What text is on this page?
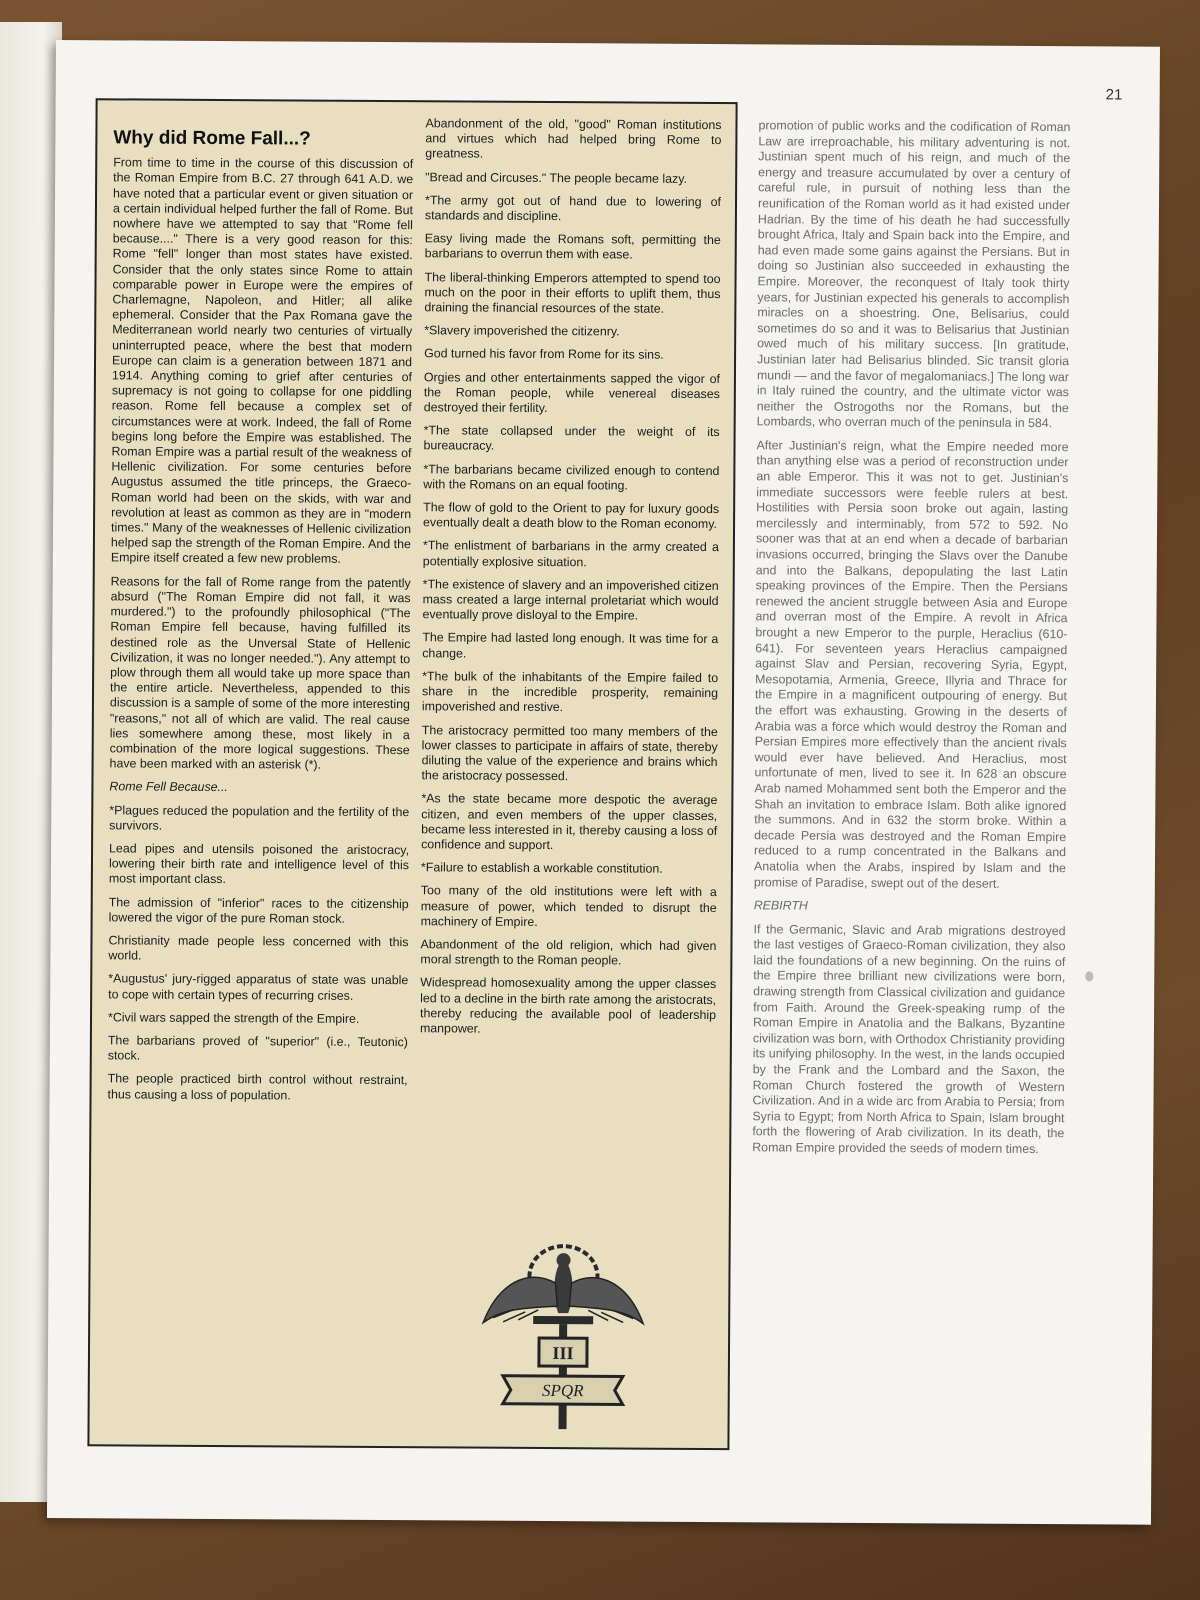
21
Why did Rome Fall...?

From time to time in the course of this discussion of the Roman Empire from B.C. 27 through 641 A.D. we have noted that a particular event or given situation or a certain individual helped further the fall of Rome. But nowhere have we attempted to say that "Rome fell because...." There is a very good reason for this: Rome "fell" longer than most states have existed. Consider that the only states since Rome to attain comparable power in Europe were the empires of Charlemagne, Napoleon, and Hitler; all alike ephemeral. Consider that the Pax Romana gave the Mediterranean world nearly two centuries of virtually uninterrupted peace, where the best that modern Europe can claim is a generation between 1871 and 1914. Anything coming to grief after centuries of supremacy is not going to collapse for one piddling reason. Rome fell because a complex set of circumstances were at work. Indeed, the fall of Rome begins long before the Empire was established. The Roman Empire was a partial result of the weakness of Hellenic civilization. For some centuries before Augustus assumed the title princeps, the Graeco-Roman world had been on the skids, with war and revolution at least as common as they are in "modern times." Many of the weaknesses of Hellenic civilization helped sap the strength of the Roman Empire. And the Empire itself created a few new problems.

Reasons for the fall of Rome range from the patently absurd ("The Roman Empire did not fall, it was murdered.") to the profoundly philosophical ("The Roman Empire fell because, having fulfilled its destined role as the Unversal State of Hellenic Civilization, it was no longer needed."). Any attempt to plow through them all would take up more space than the entire article. Nevertheless, appended to this discussion is a sample of some of the more interesting "reasons," not all of which are valid. The real cause lies somewhere among these, most likely in a combination of the more logical suggestions. These have been marked with an asterisk (*).

Rome Fell Because...

*Plagues reduced the population and the fertility of the survivors.

Lead pipes and utensils poisoned the aristocracy, lowering their birth rate and intelligence level of this most important class.

The admission of "inferior" races to the citizenship lowered the vigor of the pure Roman stock.

Christianity made people less concerned with this world.

*Augustus' jury-rigged apparatus of state was unable to cope with certain types of recurring crises.

*Civil wars sapped the strength of the Empire.

The barbarians proved of "superior" (i.e., Teutonic) stock.

The people practiced birth control without restraint, thus causing a loss of population.

Abandonment of the old, "good" Roman institutions and virtues which had helped bring Rome to greatness.

"Bread and Circuses." The people became lazy.

*The army got out of hand due to lowering of standards and discipline.

Easy living made the Romans soft, permitting the barbarians to overrun them with ease.

The liberal-thinking Emperors attempted to spend too much on the poor in their efforts to uplift them, thus draining the financial resources of the state.

*Slavery impoverished the citizenry.

God turned his favor from Rome for its sins.

Orgies and other entertainments sapped the vigor of the Roman people, while venereal diseases destroyed their fertility.

*The state collapsed under the weight of its bureaucracy.

*The barbarians became civilized enough to contend with the Romans on an equal footing.

The flow of gold to the Orient to pay for luxury goods eventually dealt a death blow to the Roman economy.

*The enlistment of barbarians in the army created a potentially explosive situation.

*The existence of slavery and an impoverished citizen mass created a large internal proletariat which would eventually prove disloyal to the Empire.

The Empire had lasted long enough. It was time for a change.

*The bulk of the inhabitants of the Empire failed to share in the incredible prosperity, remaining impoverished and restive.

The aristocracy permitted too many members of the lower classes to participate in affairs of state, thereby diluting the value of the experience and brains which the aristocracy possessed.

*As the state became more despotic the average citizen, and even members of the upper classes, became less interested in it, thereby causing a loss of confidence and support.

*Failure to establish a workable constitution.

Too many of the old institutions were left with a measure of power, which tended to disrupt the machinery of Empire.

Abandonment of the old religion, which had given moral strength to the Roman people.

Widespread homosexuality among the upper classes led to a decline in the birth rate among the aristocrats, thereby reducing the available pool of leadership manpower.

III
SPQR

promotion of public works and the codification of Roman Law are irreproachable, his military adventuring is not. Justinian spent much of his reign, and much of the energy and treasure accumulated by over a century of careful rule, in pursuit of nothing less than the reunification of the Roman world as it had existed under Hadrian. By the time of his death he had successfully brought Africa, Italy and Spain back into the Empire, and had even made some gains against the Persians. But in doing so Justinian also succeeded in exhausting the Empire. Moreover, the reconquest of Italy took thirty years, for Justinian expected his generals to accomplish miracles on a shoestring. One, Belisarius, could sometimes do so and it was to Belisarius that Justinian owed much of his military success. [In gratitude, Justinian later had Belisarius blinded. Sic transit gloria mundi — and the favor of megalomaniacs.] The long war in Italy ruined the country, and the ultimate victor was neither the Ostrogoths nor the Romans, but the Lombards, who overran much of the peninsula in 584.

After Justinian's reign, what the Empire needed more than anything else was a period of reconstruction under an able Emperor. This it was not to get. Justinian's immediate successors were feeble rulers at best. Hostilities with Persia soon broke out again, lasting mercilessly and interminably, from 572 to 592. No sooner was that at an end when a decade of barbarian invasions occurred, bringing the Slavs over the Danube and into the Balkans, depopulating the last Latin speaking provinces of the Empire. Then the Persians renewed the ancient struggle between Asia and Europe and overran most of the Empire. A revolt in Africa brought a new Emperor to the purple, Heraclius (610-641). For seventeen years Heraclius campaigned against Slav and Persian, recovering Syria, Egypt, Mesopotamia, Armenia, Greece, Illyria and Thrace for the Empire in a magnificent outpouring of energy. But the effort was exhausting. Growing in the deserts of Arabia was a force which would destroy the Roman and Persian Empires more effectively than the ancient rivals would ever have believed. And Heraclius, most unfortunate of men, lived to see it. In 628 an obscure Arab named Mohammed sent both the Emperor and the Shah an invitation to embrace Islam. Both alike ignored the summons. And in 632 the storm broke. Within a decade Persia was destroyed and the Roman Empire reduced to a rump concentrated in the Balkans and Anatolia when the Arabs, inspired by Islam and the promise of Paradise, swept out of the desert.

REBIRTH

If the Germanic, Slavic and Arab migrations destroyed the last vestiges of Graeco-Roman civilization, they also laid the foundations of a new beginning. On the ruins of the Empire three brilliant new civilizations were born, drawing strength from Classical civilization and guidance from Faith. Around the Greek-speaking rump of the Roman Empire in Anatolia and the Balkans, Byzantine civilization was born, with Orthodox Christianity providing its unifying philosophy. In the west, in the lands occupied by the Frank and the Lombard and the Saxon, the Roman Church fostered the growth of Western Civilization. And in a wide arc from Arabia to Persia; from Syria to Egypt; from North Africa to Spain, Islam brought forth the flowering of Arab civilization. In its death, the Roman Empire provided the seeds of modern times.
